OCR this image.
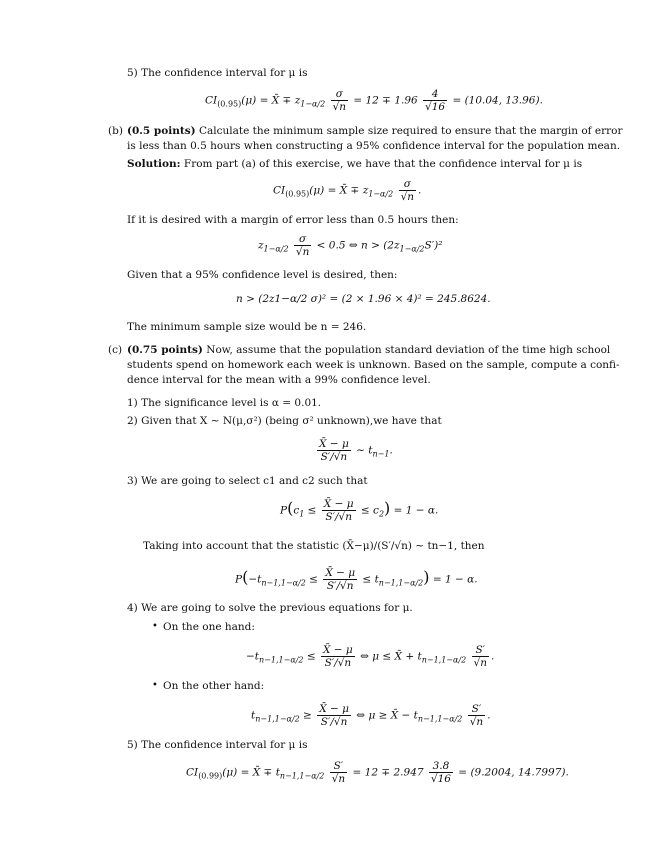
5) The confidence interval for μ is
$CI_{(0.95)}(\mu)$ = X̄ ∓ $z_{1-\alpha/2} \frac{\sigma}{√n} = 12 \mp 1.96 \frac{4}{√16} = (10.04$, 13.96).
(b) (0.5 points) Calculate the minimum sample size required to ensure that the margin of error
is less than 0.5 hours when constructing a 95% confidence interval for the population mean.
Solution: From part (a) of this exercise, we have that the confidence interval for μ is
$CI_{(0.95)}(\mu)$ = X̄ ∓ $z_{1-\alpha/2} \frac{\sigma}{√n}$ .
If it is desired with a margin of error less than 0.5 hours then:
$z_{1-\alpha/2} \frac{\sigma}{√n} < 0.5$ ⇔ $n > (2z_{1-\alpha/2}S')^2$
Given that a 95% confidence level is desired, then:
n > (2z1−α/2 σ)² = (2 × 1.96 × 4)² = 245.8624.
The minimum sample size would be n = 246.
(c) (0.75 points) Now, assume that the population standard deviation of the time high school
students spend on homework each week is unknown. Based on the sample, compute a confi-
dence interval for the mean with a 99% confidence level.
1) The significance level is α = 0.01.
2) Given that X ∼ N(μ,σ²) (being σ² unknown),we have that
$\frac{X̄ - \mu}{S'/√n}$ ∼ $t_{n-1}$.
3) We are going to select c1 and c2 such that
$P(c_1 \le \frac{X̄ - \mu}{S'/√n} \le c_2) = 1 - \alpha$.
Taking into account that the statistic (X̄−μ)/(S′/√n) ∼ tn−1, then
$P(-t_{n-1,1-\alpha/2} \le \frac{X̄ - \mu}{S'/√n} \le t_{n-1,1-\alpha/2}) = 1 - \alpha$.
4) We are going to solve the previous equations for μ.
• On the one hand:
$-t_{n-1,1-\alpha/2} \le \frac{X̄ - \mu}{S'/√n}$ ⇔ μ ≤ X̄ + $t_{n-1,1-\alpha/2} \frac{S'}{√n}$ .
• On the other hand:
$t_{n-1,1-\alpha/2} \ge \frac{X̄ - \mu}{S'/√n}$ ⇔ μ ≥ X̄ − $t_{n-1,1-\alpha/2} \frac{S'}{√n}$ .
5) The confidence interval for μ is
$CI_{(0.99)}(\mu)$ = X̄ ∓ $t_{n-1,1-\alpha/2} \frac{S'}{√n} = 12 \mp 2.947 \frac{3.8}{√16} = (9.2004$, 14.7997).
